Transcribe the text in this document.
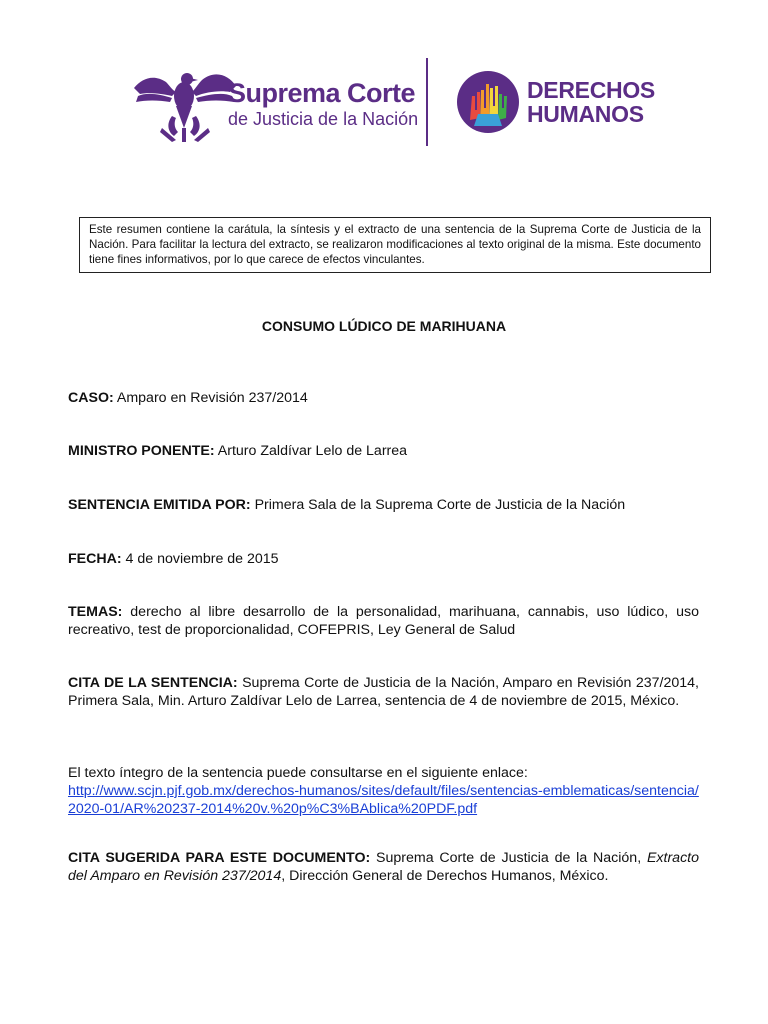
Suprema Corte
de Justicia de la Nación
DERECHOS
HUMANOS
Este resumen contiene la carátula, la síntesis y el extracto de una sentencia de la Suprema Corte de Justicia de la Nación. Para facilitar la lectura del extracto, se realizaron modificaciones al texto original de la misma. Este documento tiene fines informativos, por lo que carece de efectos vinculantes.
CONSUMO LÚDICO DE MARIHUANA
CASO: Amparo en Revisión 237/2014
MINISTRO PONENTE: Arturo Zaldívar Lelo de Larrea
SENTENCIA EMITIDA POR: Primera Sala de la Suprema Corte de Justicia de la Nación
FECHA: 4 de noviembre de 2015
TEMAS: derecho al libre desarrollo de la personalidad, marihuana, cannabis, uso lúdico, uso recreativo, test de proporcionalidad, COFEPRIS, Ley General de Salud
CITA DE LA SENTENCIA: Suprema Corte de Justicia de la Nación, Amparo en Revisión 237/2014, Primera Sala, Min. Arturo Zaldívar Lelo de Larrea, sentencia de 4 de noviembre de 2015, México.
El texto íntegro de la sentencia puede consultarse en el siguiente enlace:
http://www.scjn.pjf.gob.mx/derechos-humanos/sites/default/files/sentencias-emblematicas/sentencia/2020-01/AR%20237-2014%20v.%20p%C3%BAblica%20PDF.pdf
CITA SUGERIDA PARA ESTE DOCUMENTO: Suprema Corte de Justicia de la Nación, Extracto del Amparo en Revisión 237/2014, Dirección General de Derechos Humanos, México.
